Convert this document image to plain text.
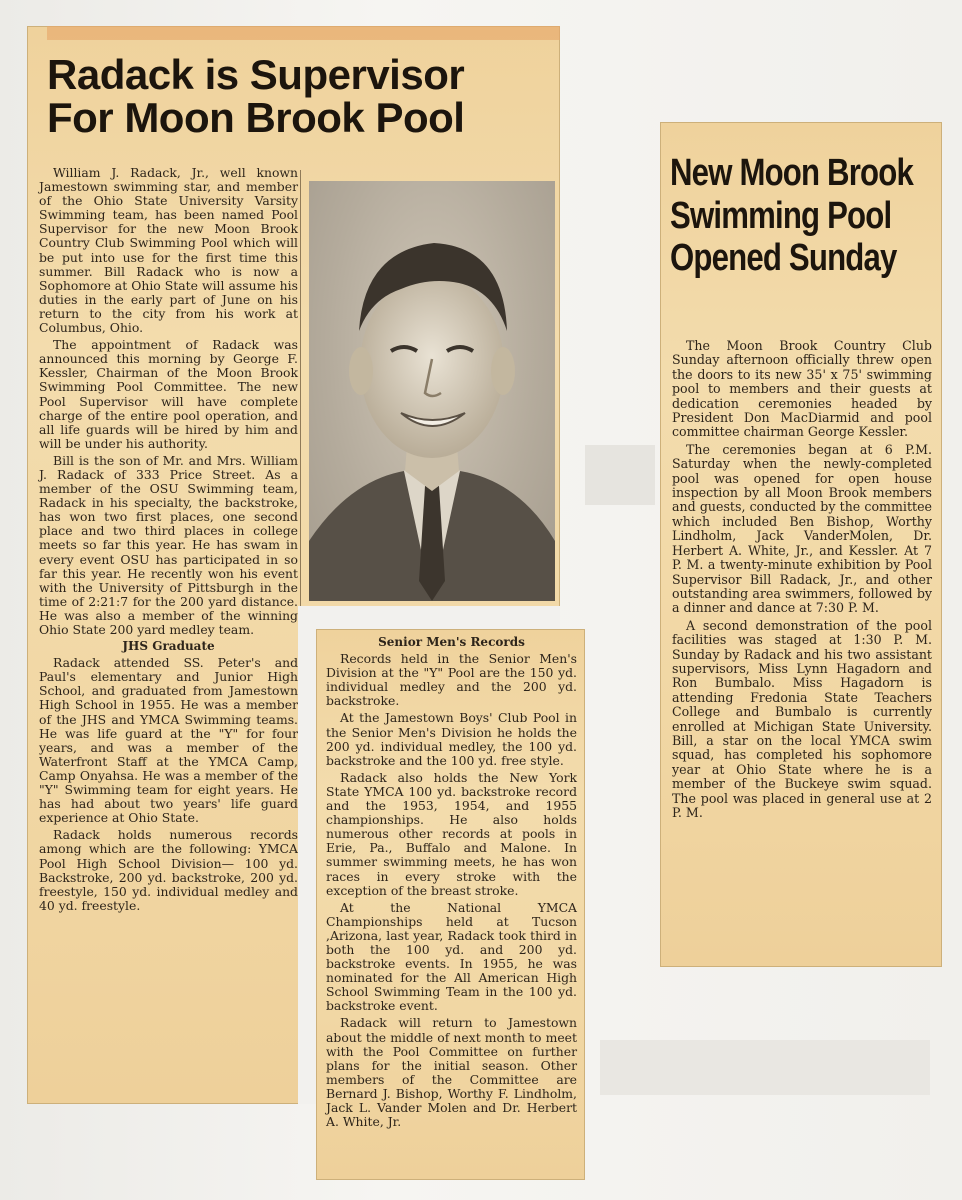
Radack is Supervisor
For Moon Brook Pool

William J. Radack, Jr., well known Jamestown swimming star, and member of the Ohio State University Varsity Swimming team, has been named Pool Supervisor for the new Moon Brook Country Club Swimming Pool which will be put into use for the first time this summer. Bill Radack who is now a Sophomore at Ohio State will assume his duties in the early part of June on his return to the city from his work at Columbus, Ohio.

The appointment of Radack was announced this morning by George F. Kessler, Chairman of the Moon Brook Swimming Pool Committee. The new Pool Supervisor will have complete charge of the entire pool operation, and all life guards will be hired by him and will be under his authority.

Bill is the son of Mr. and Mrs. William J. Radack of 333 Price Street. As a member of the OSU Swimming team, Radack in his specialty, the backstroke, has won two first places, one second place and two third places in college meets so far this year. He has swam in every event OSU has participated in so far this year. He recently won his event with the University of Pittsburgh in the time of 2:21:7 for the 200 yard distance. He was also a member of the winning Ohio State 200 yard medley team.

JHS Graduate

Radack attended SS. Peter's and Paul's elementary and Junior High School, and graduated from Jamestown High School in 1955. He was a member of the JHS and YMCA Swimming teams. He was life guard at the "Y" for four years, and was a member of the Waterfront Staff at the YMCA Camp, Camp Onyahsa. He was a member of the "Y" Swimming team for eight years. He has had about two years' life guard experience at Ohio State.

Radack holds numerous records among which are the following: YMCA Pool High School Division— 100 yd. Backstroke, 200 yd. backstroke, 200 yd. freestyle, 150 yd. individual medley and 40 yd. freestyle.

Senior Men's Records

Records held in the Senior Men's Division at the "Y" Pool are the 150 yd. individual medley and the 200 yd. backstroke.

At the Jamestown Boys' Club Pool in the Senior Men's Division he holds the 200 yd. individual medley, the 100 yd. backstroke and the 100 yd. free style.

Radack also holds the New York State YMCA 100 yd. backstroke record and the 1953, 1954, and 1955 championships. He also holds numerous other records at pools in Erie, Pa., Buffalo and Malone. In summer swimming meets, he has won races in every stroke with the exception of the breast stroke.

At the National YMCA Championships held at Tucson ,Arizona, last year, Radack took third in both the 100 yd. and 200 yd. backstroke events. In 1955, he was nominated for the All American High School Swimming Team in the 100 yd. backstroke event.

Radack will return to Jamestown about the middle of next month to meet with the Pool Committee on further plans for the initial season. Other members of the Committee are Bernard J. Bishop, Worthy F. Lindholm, Jack L. Vander Molen and Dr. Herbert A. White, Jr.

New Moon Brook
Swimming Pool
Opened Sunday

The Moon Brook Country Club Sunday afternoon officially threw open the doors to its new 35' x 75' swimming pool to members and their guests at dedication ceremonies headed by President Don MacDiarmid and pool committee chairman George Kessler.

The ceremonies began at 6 P.M. Saturday when the newly-completed pool was opened for open house inspection by all Moon Brook members and guests, conducted by the committee which included Ben Bishop, Worthy Lindholm, Jack VanderMolen, Dr. Herbert A. White, Jr., and Kessler. At 7 P. M. a twenty-minute exhibition by Pool Supervisor Bill Radack, Jr., and other outstanding area swimmers, followed by a dinner and dance at 7:30 P. M.

A second demonstration of the pool facilities was staged at 1:30 P. M. Sunday by Radack and his two assistant supervisors, Miss Lynn Hagadorn and Ron Bumbalo. Miss Hagadorn is attending Fredonia State Teachers College and Bumbalo is currently enrolled at Michigan State University. Bill, a star on the local YMCA swim squad, has completed his sophomore year at Ohio State where he is a member of the Buckeye swim squad. The pool was placed in general use at 2 P. M.
